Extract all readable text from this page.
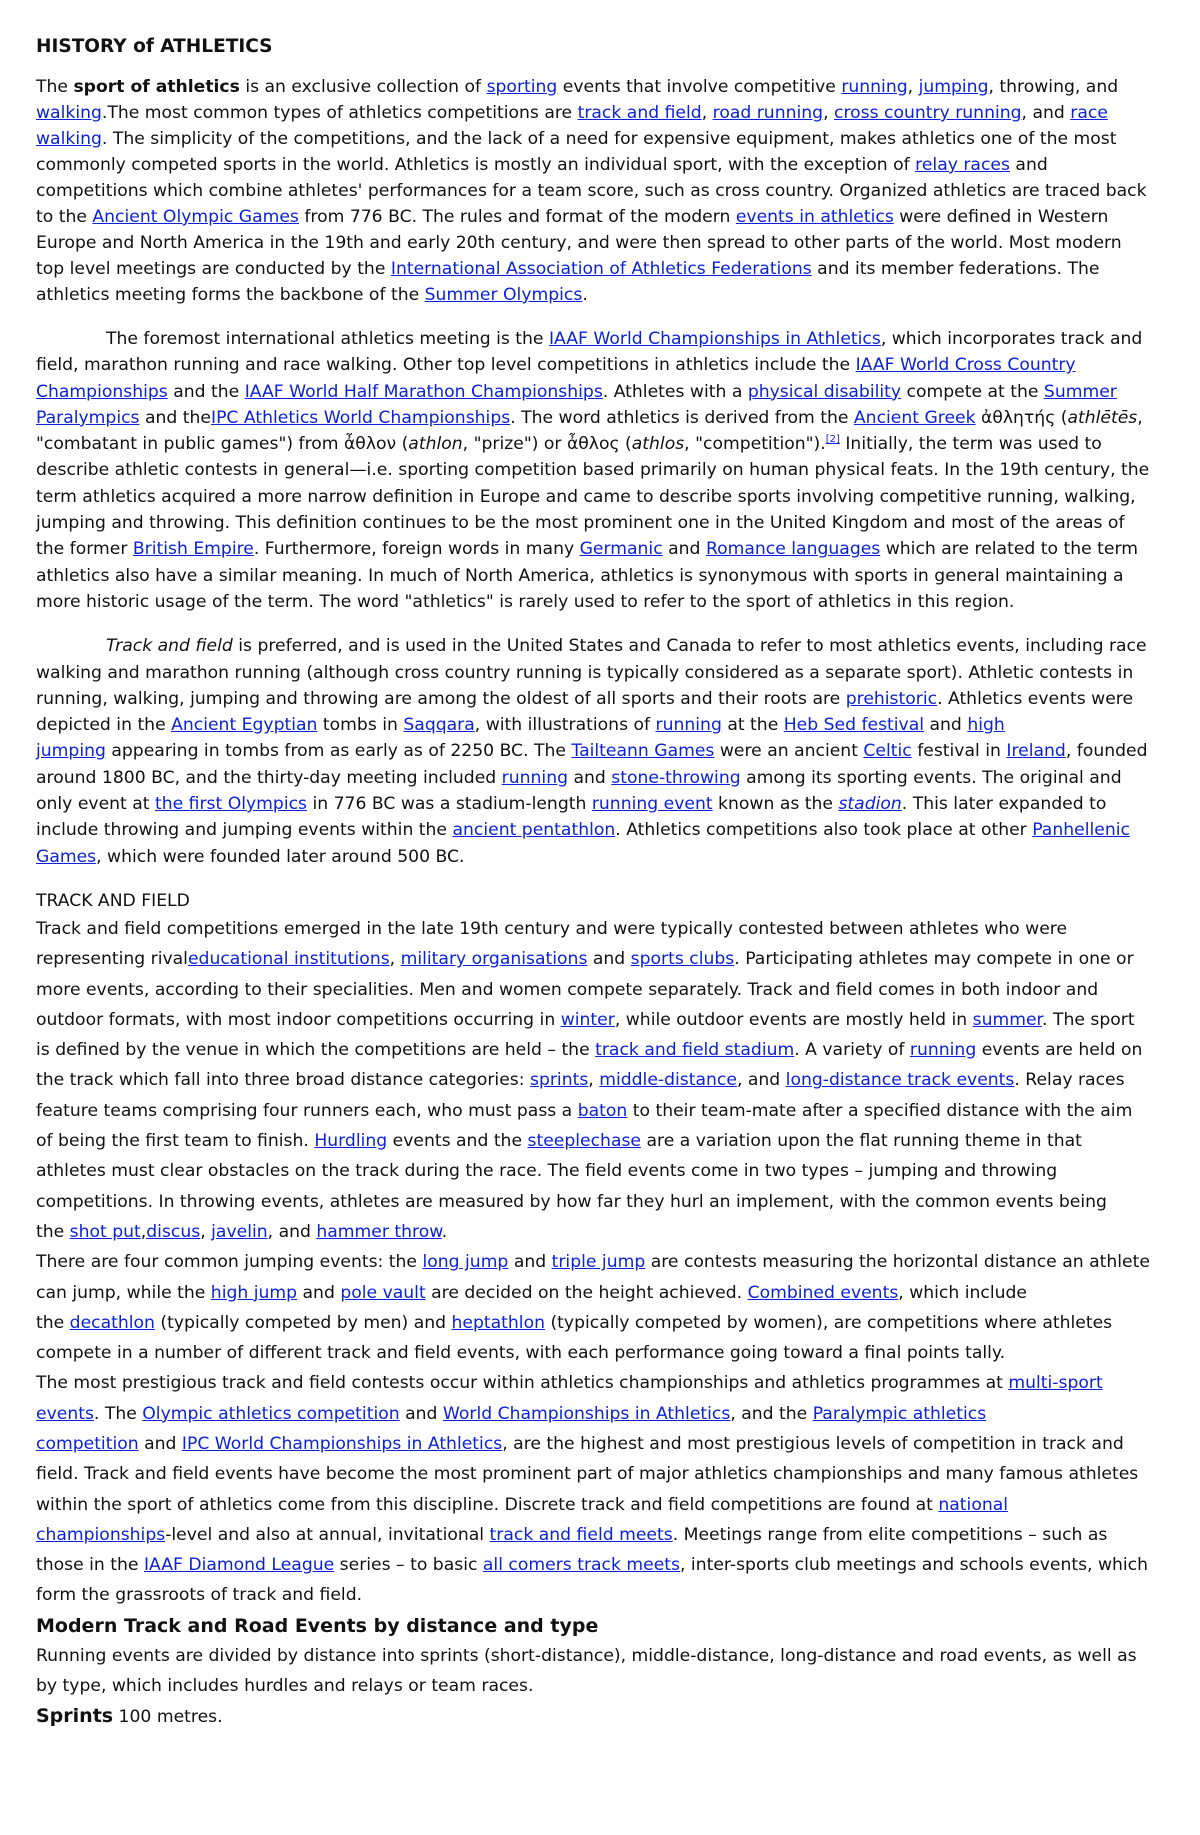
HISTORY of ATHLETICS
The sport of athletics is an exclusive collection of sporting events that involve competitive running, jumping, throwing, and
walking.The most common types of athletics competitions are track and field, road running, cross country running, and race
walking. The simplicity of the competitions, and the lack of a need for expensive equipment, makes athletics one of the most
commonly competed sports in the world. Athletics is mostly an individual sport, with the exception of relay races and
competitions which combine athletes' performances for a team score, such as cross country. Organized athletics are traced back
to the Ancient Olympic Games from 776 BC. The rules and format of the modern events in athletics were defined in Western
Europe and North America in the 19th and early 20th century, and were then spread to other parts of the world. Most modern
top level meetings are conducted by the International Association of Athletics Federations and its member federations. The
athletics meeting forms the backbone of the Summer Olympics.
The foremost international athletics meeting is the IAAF World Championships in Athletics, which incorporates track and
field, marathon running and race walking. Other top level competitions in athletics include the IAAF World Cross Country
Championships and the IAAF World Half Marathon Championships. Athletes with a physical disability compete at the Summer
Paralympics and theIPC Athletics World Championships. The word athletics is derived from the Ancient Greek ἀθλητής (athlētēs,
"combatant in public games") from ἆθλον (athlon, "prize") or ἆθλος (athlos, "competition").[2] Initially, the term was used to
describe athletic contests in general—i.e. sporting competition based primarily on human physical feats. In the 19th century, the
term athletics acquired a more narrow definition in Europe and came to describe sports involving competitive running, walking,
jumping and throwing. This definition continues to be the most prominent one in the United Kingdom and most of the areas of
the former British Empire. Furthermore, foreign words in many Germanic and Romance languages which are related to the term
athletics also have a similar meaning. In much of North America, athletics is synonymous with sports in general maintaining a
more historic usage of the term. The word "athletics" is rarely used to refer to the sport of athletics in this region.
Track and field is preferred, and is used in the United States and Canada to refer to most athletics events, including race
walking and marathon running (although cross country running is typically considered as a separate sport). Athletic contests in
running, walking, jumping and throwing are among the oldest of all sports and their roots are prehistoric. Athletics events were
depicted in the Ancient Egyptian tombs in Saqqara, with illustrations of running at the Heb Sed festival and high
jumping appearing in tombs from as early as of 2250 BC. The Tailteann Games were an ancient Celtic festival in Ireland, founded
around 1800 BC, and the thirty-day meeting included running and stone-throwing among its sporting events. The original and
only event at the first Olympics in 776 BC was a stadium-length running event known as the stadion. This later expanded to
include throwing and jumping events within the ancient pentathlon. Athletics competitions also took place at other Panhellenic
Games, which were founded later around 500 BC.
TRACK AND FIELD
Track and field competitions emerged in the late 19th century and were typically contested between athletes who were
representing rivaleducational institutions, military organisations and sports clubs. Participating athletes may compete in one or
more events, according to their specialities. Men and women compete separately. Track and field comes in both indoor and
outdoor formats, with most indoor competitions occurring in winter, while outdoor events are mostly held in summer. The sport
is defined by the venue in which the competitions are held – the track and field stadium. A variety of running events are held on
the track which fall into three broad distance categories: sprints, middle-distance, and long-distance track events. Relay races
feature teams comprising four runners each, who must pass a baton to their team-mate after a specified distance with the aim
of being the first team to finish. Hurdling events and the steeplechase are a variation upon the flat running theme in that
athletes must clear obstacles on the track during the race. The field events come in two types – jumping and throwing
competitions. In throwing events, athletes are measured by how far they hurl an implement, with the common events being
the shot put,discus, javelin, and hammer throw.
There are four common jumping events: the long jump and triple jump are contests measuring the horizontal distance an athlete
can jump, while the high jump and pole vault are decided on the height achieved. Combined events, which include
the decathlon (typically competed by men) and heptathlon (typically competed by women), are competitions where athletes
compete in a number of different track and field events, with each performance going toward a final points tally.
The most prestigious track and field contests occur within athletics championships and athletics programmes at multi-sport
events. The Olympic athletics competition and World Championships in Athletics, and the Paralympic athletics
competition and IPC World Championships in Athletics, are the highest and most prestigious levels of competition in track and
field. Track and field events have become the most prominent part of major athletics championships and many famous athletes
within the sport of athletics come from this discipline. Discrete track and field competitions are found at national
championships-level and also at annual, invitational track and field meets. Meetings range from elite competitions – such as
those in the IAAF Diamond League series – to basic all comers track meets, inter-sports club meetings and schools events, which
form the grassroots of track and field.
Modern Track and Road Events by distance and type
Running events are divided by distance into sprints (short-distance), middle-distance, long-distance and road events, as well as
by type, which includes hurdles and relays or team races.
Sprints 100 metres.
